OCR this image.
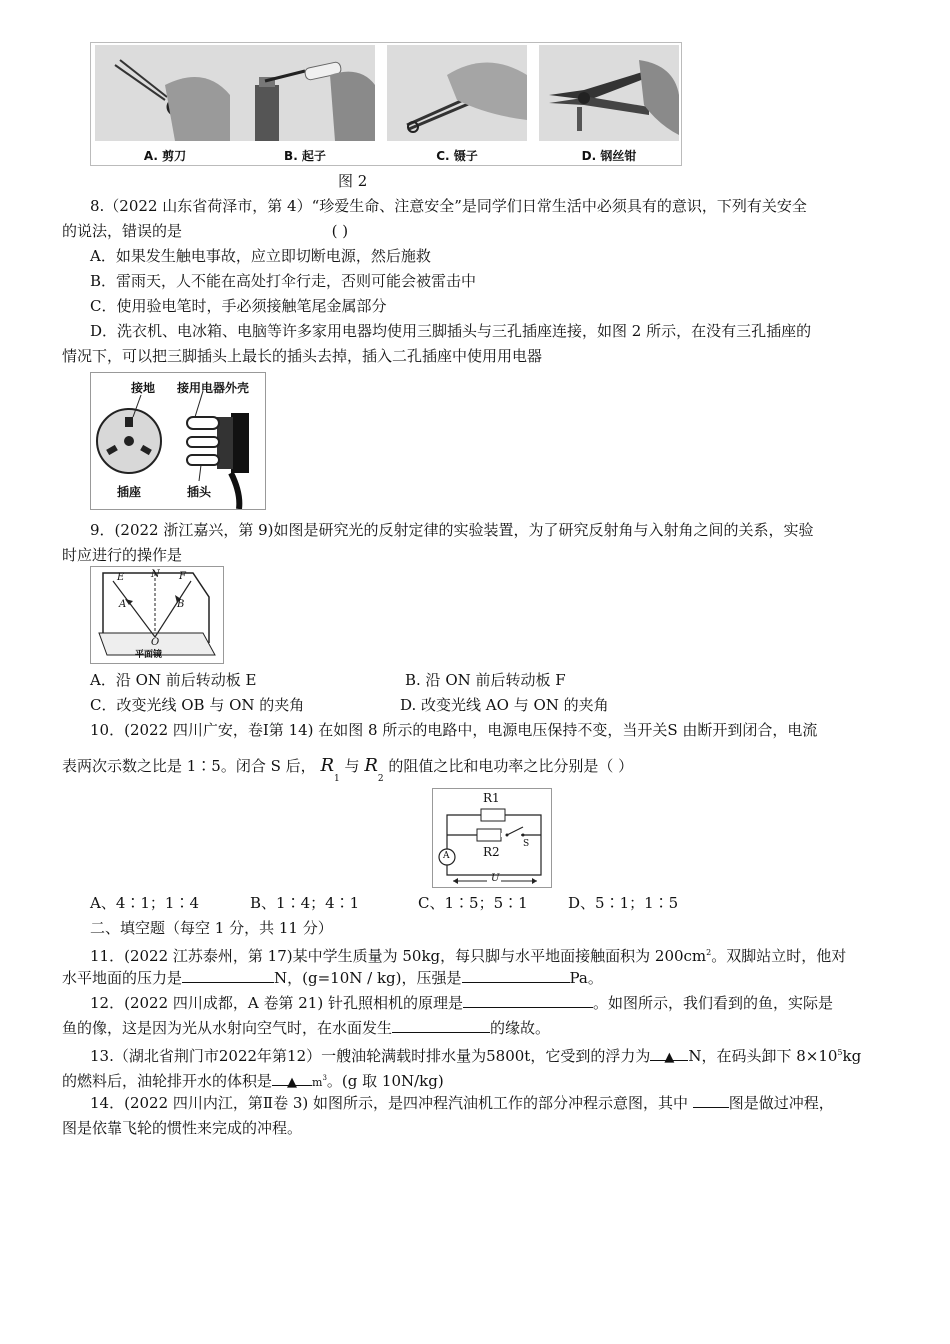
A. 剪刀	B. 起子	C. 镊子	D. 钢丝钳
图 2
8.（2022 山东省荷泽市，第 4）“珍爱生命、注意安全”是同学们日常生活中必须具有的意识，下列有关安全
的说法，错误的是	( )
A．如果发生触电事故，应立即切断电源，然后施救
B．雷雨天，人不能在高处打伞行走，否则可能会被雷击中
C．使用验电笔时，手必须接触笔尾金属部分
D．洗衣机、电冰箱、电脑等许多家用电器均使用三脚插头与三孔插座连接，如图 2 所示，在没有三孔插座的
情况下，可以把三脚插头上最长的插头去掉，插入二孔插座中使用用电器
接地 接用电器外壳
插座	插头
9．(2022 浙江嘉兴，第 9)如图是研究光的反射定律的实验装置，为了研究反射角与入射角之间的关系，实验
时应进行的操作是
E	N F
A	B
O
平面镜
A．沿 ON 前后转动板 E	B. 沿 ON 前后转动板 F
C．改变光线 OB 与 ON 的夹角	D. 改变光线 AO 与 ON 的夹角
10．(2022 四川广安，卷Ⅰ第 14) 在如图 8 所示的电路中，电源电压保持不变，当开关S 由断开到闭合，电流
表两次示数之比是 1∶5。闭合 S 后， $R_1$ 与 $R_2$ 的阻值之比和电功率之比分别是（ ）
R1
R2
A
S
U
A、4∶1；1∶4	B、1∶4；4∶1	C、1∶5；5∶1	D、5∶1；1∶5
二、填空题（每空 1 分，共 11 分）
11．(2022 江苏泰州，第 17)某中学生质量为 50kg，每只脚与水平地面接触面积为 $200cm^2$。双脚站立时，他对
水平地面的压力是	N，(g=10N / kg)，压强是	Pa。
12．(2022 四川成都，A 卷第 21) 针孔照相机的原理是	。如图所示，我们看到的鱼，实际是
鱼的像，这是因为光从水射向空气时，在水面发生	的缘故。
13.（湖北省荆门市2022年第12）一艘油轮满载时排水量为5800t，它受到的浮力为 ▲ N，在码头卸下 $8\times 10^5kg$
的燃料后，油轮排开水的体积是 ▲ $m^3$。(g 取 10N/kg)
14．(2022 四川内江，第Ⅱ卷 3) 如图所示，是四冲程汽油机工作的部分冲程示意图，其中	图是做过冲程，
图是依靠飞轮的惯性来完成的冲程。
